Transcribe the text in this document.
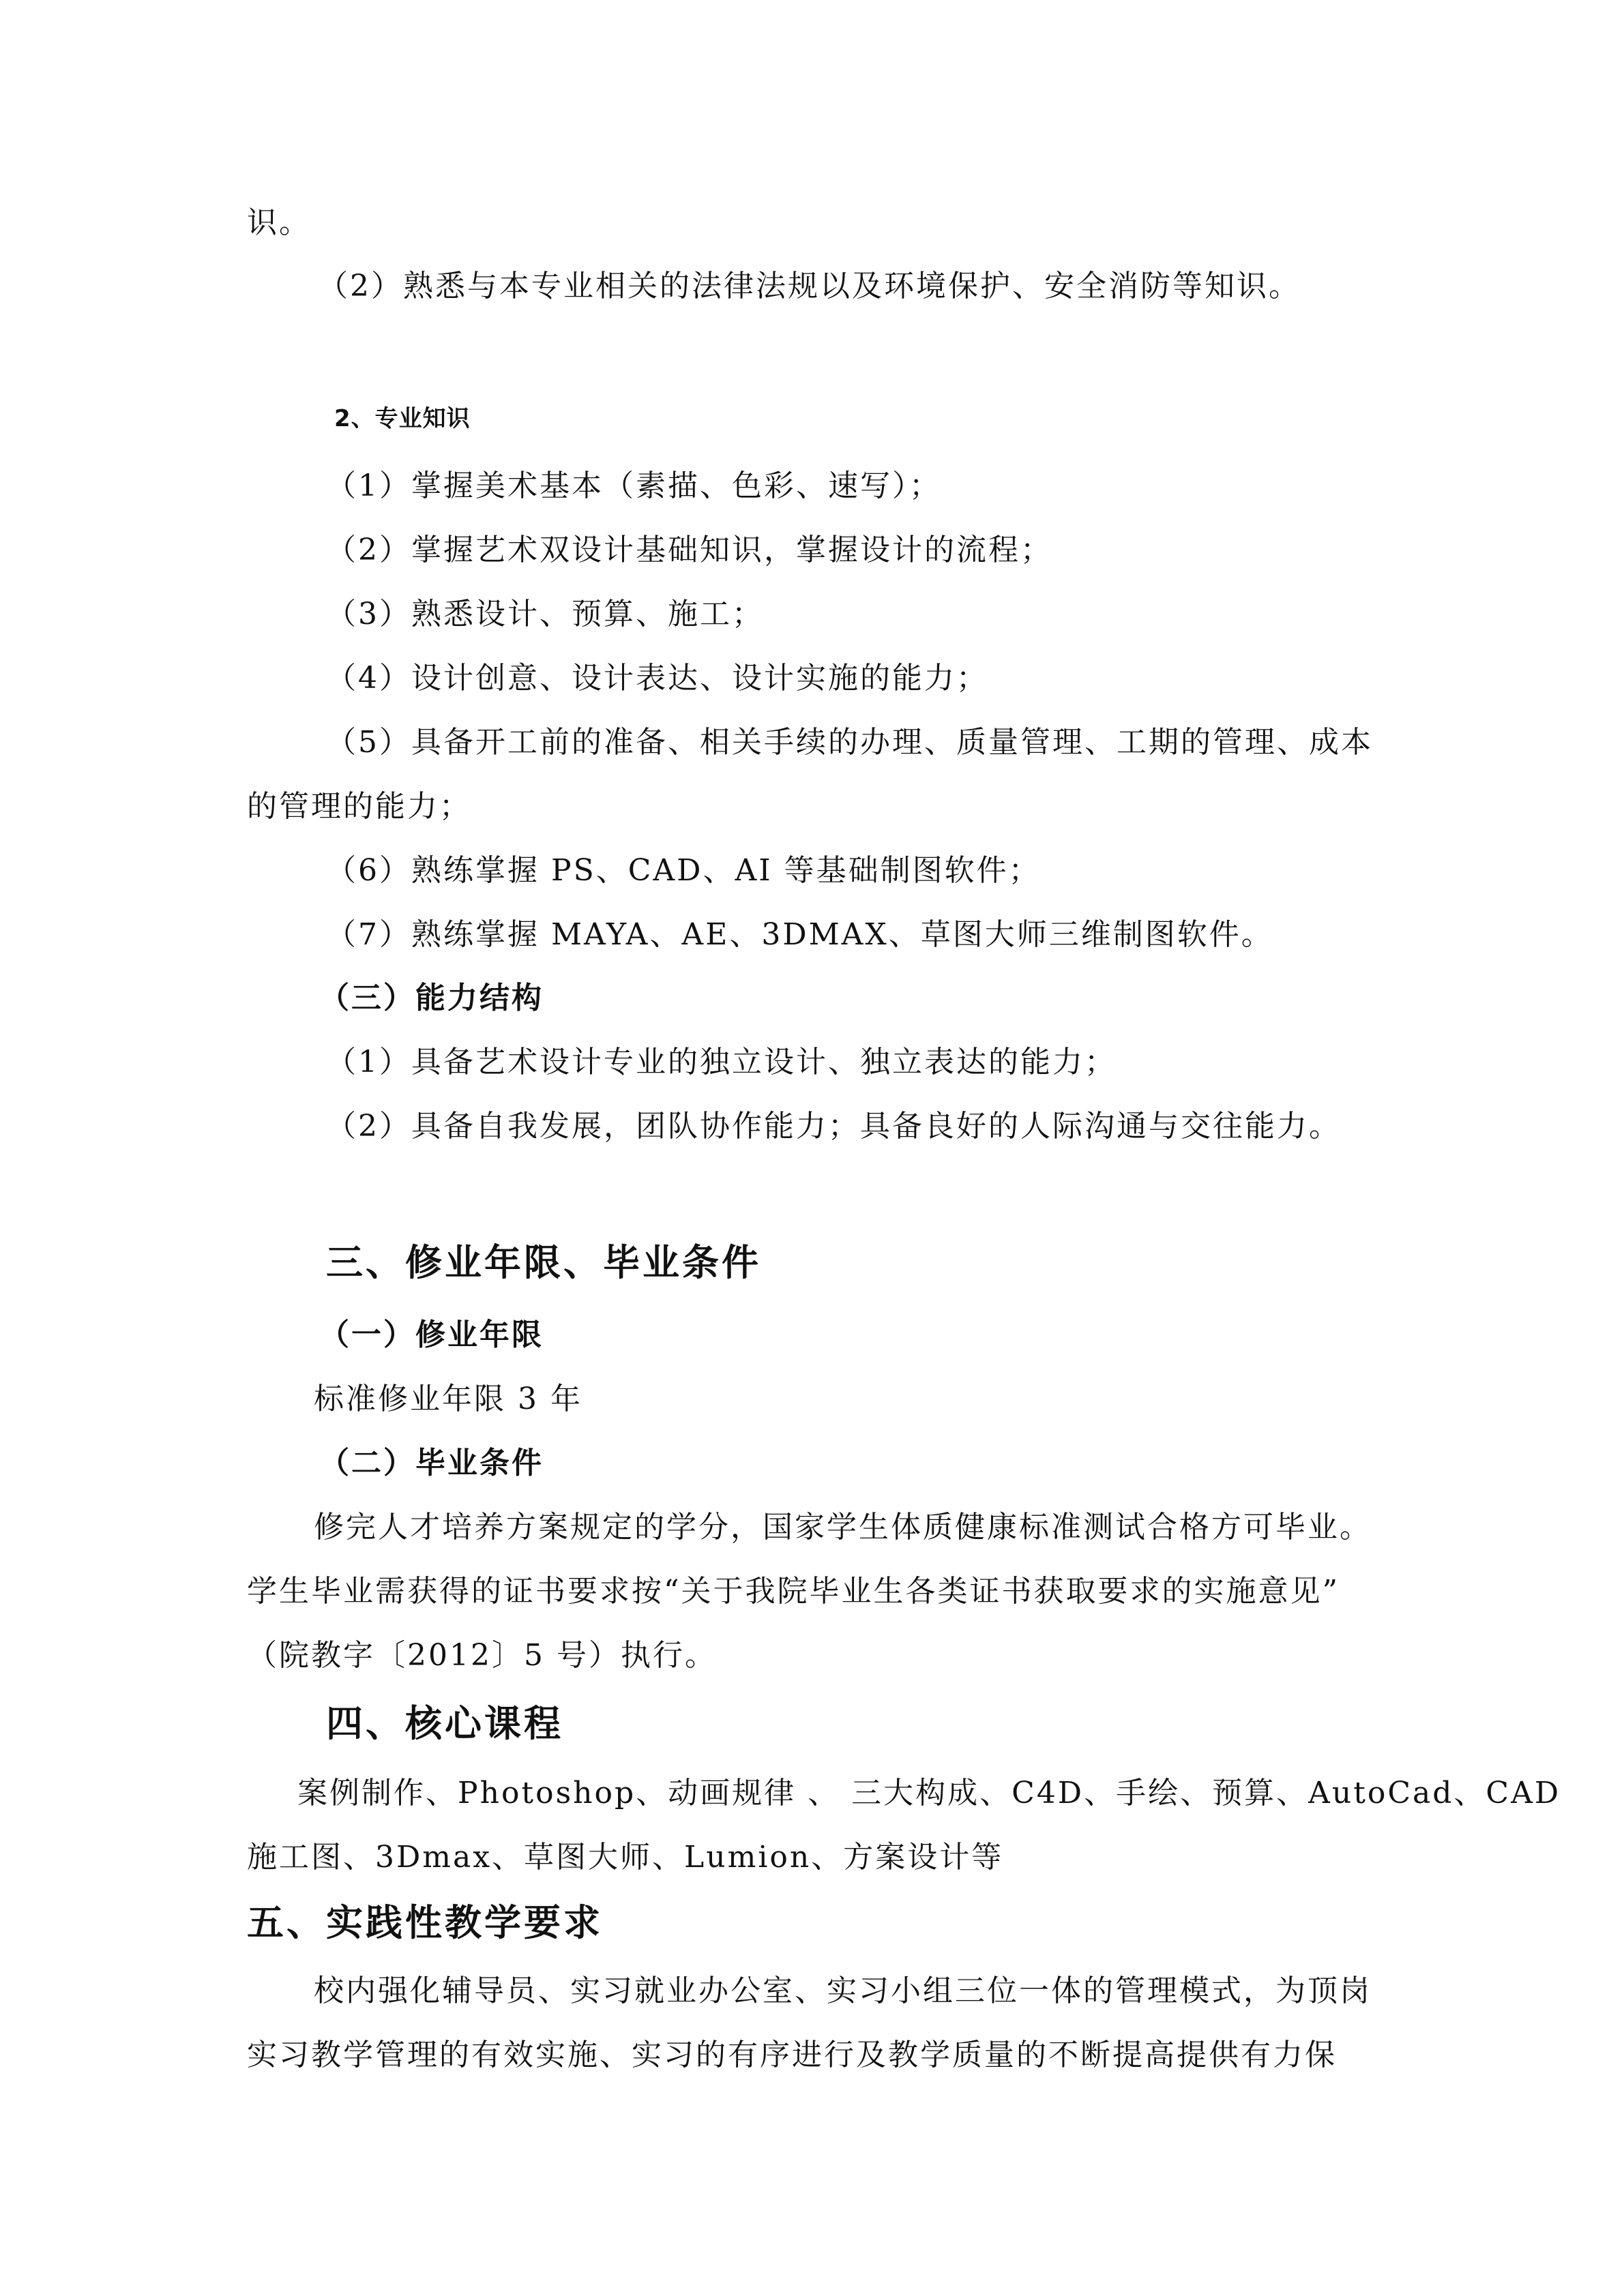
识。
（2）熟悉与本专业相关的法律法规以及环境保护、安全消防等知识。
2、专业知识
（1）掌握美术基本（素描、色彩、速写）；
（2）掌握艺术双设计基础知识，掌握设计的流程；
（3）熟悉设计、预算、施工；
（4）设计创意、设计表达、设计实施的能力；
（5）具备开工前的准备、相关手续的办理、质量管理、工期的管理、成本
的管理的能力；
（6）熟练掌握 PS、CAD、AI 等基础制图软件；
（7）熟练掌握 MAYA、AE、3DMAX、草图大师三维制图软件。
（三）能力结构
（1）具备艺术设计专业的独立设计、独立表达的能力；
（2）具备自我发展，团队协作能力；具备良好的人际沟通与交往能力。
三、修业年限、毕业条件
（一）修业年限
标准修业年限 3 年
（二）毕业条件
修完人才培养方案规定的学分，国家学生体质健康标准测试合格方可毕业。
学生毕业需获得的证书要求按“关于我院毕业生各类证书获取要求的实施意见”
（院教字〔2012〕5 号）执行。
四、核心课程
案例制作、Photoshop、动画规律 、 三大构成、C4D、手绘、预算、AutoCad、CAD
施工图、3Dmax、草图大师、Lumion、方案设计等
五、实践性教学要求
校内强化辅导员、实习就业办公室、实习小组三位一体的管理模式，为顶岗
实习教学管理的有效实施、实习的有序进行及教学质量的不断提高提供有力保
